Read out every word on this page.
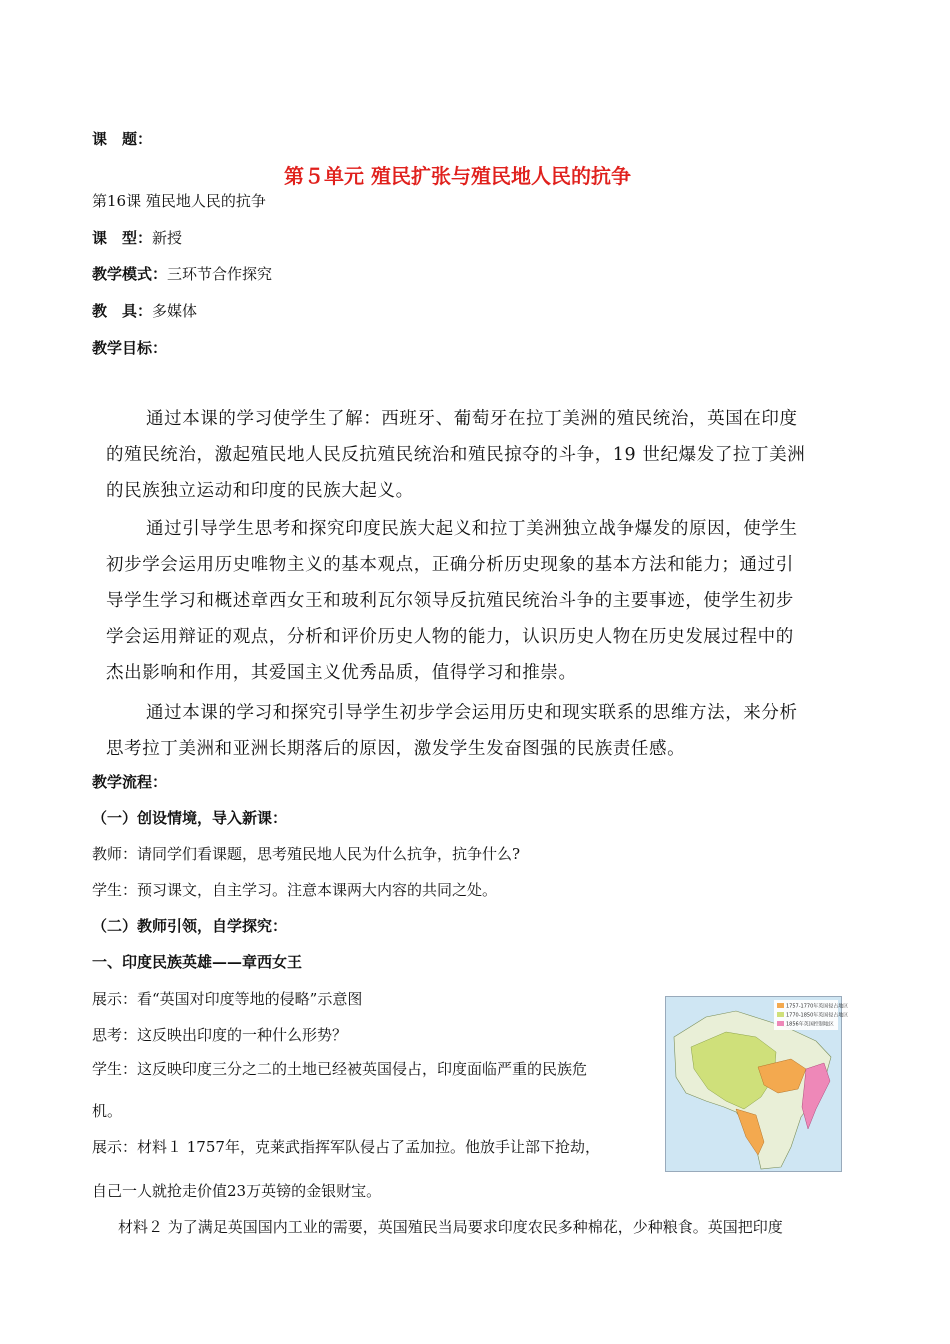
课　题：
第５单元 殖民扩张与殖民地人民的抗争
第16课 殖民地人民的抗争
课　型：新授
教学模式：三环节合作探究
教　具：多媒体
教学目标：
通过本课的学习使学生了解：西班牙、葡萄牙在拉丁美洲的殖民统治，英国在印度
的殖民统治，激起殖民地人民反抗殖民统治和殖民掠夺的斗争，19 世纪爆发了拉丁美洲
的民族独立运动和印度的民族大起义。
通过引导学生思考和探究印度民族大起义和拉丁美洲独立战争爆发的原因，使学生
初步学会运用历史唯物主义的基本观点，正确分析历史现象的基本方法和能力；通过引
导学生学习和概述章西女王和玻利瓦尔领导反抗殖民统治斗争的主要事迹，使学生初步
学会运用辩证的观点，分析和评价历史人物的能力，认识历史人物在历史发展过程中的
杰出影响和作用，其爱国主义优秀品质，值得学习和推崇。
通过本课的学习和探究引导学生初步学会运用历史和现实联系的思维方法，来分析
思考拉丁美洲和亚洲长期落后的原因，激发学生发奋图强的民族责任感。
教学流程：
（一）创设情境，导入新课：
教师：请同学们看课题，思考殖民地人民为什么抗争，抗争什么?
学生：预习课文，自主学习。注意本课两大内容的共同之处。
（二）教师引领，自学探究：
一、印度民族英雄——章西女王
展示：看“英国对印度等地的侵略”示意图
思考：这反映出印度的一种什么形势？
学生：这反映印度三分之二的土地已经被英国侵占，印度面临严重的民族危
机。
展示：材料１ 1757年，克莱武指挥军队侵占了孟加拉。他放手让部下抢劫，
自己一人就抢走价值23万英镑的金银财宝。
材料２ 为了满足英国国内工业的需要，英国殖民当局要求印度农民多种棉花，少种粮食。英国把印度
1757-1770年英国侵占地区
1770-1850年英国侵占地区
1856年英国控制地区
